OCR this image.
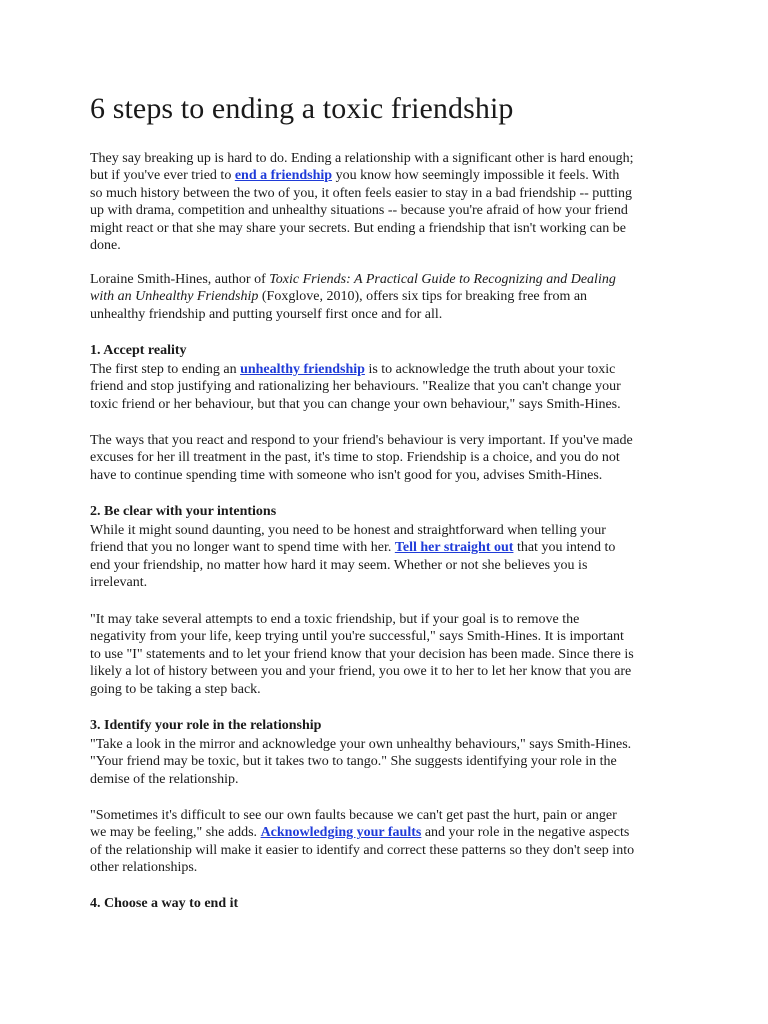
6 steps to ending a toxic friendship

They say breaking up is hard to do. Ending a relationship with a significant other is hard enough;
but if you've ever tried to end a friendship you know how seemingly impossible it feels. With
so much history between the two of you, it often feels easier to stay in a bad friendship -- putting
up with drama, competition and unhealthy situations -- because you're afraid of how your friend
might react or that she may share your secrets. But ending a friendship that isn't working can be
done.

Loraine Smith-Hines, author of Toxic Friends: A Practical Guide to Recognizing and Dealing
with an Unhealthy Friendship (Foxglove, 2010), offers six tips for breaking free from an
unhealthy friendship and putting yourself first once and for all.

1. Accept reality

The first step to ending an unhealthy friendship is to acknowledge the truth about your toxic
friend and stop justifying and rationalizing her behaviours. "Realize that you can't change your
toxic friend or her behaviour, but that you can change your own behaviour," says Smith-Hines.

The ways that you react and respond to your friend's behaviour is very important. If you've made
excuses for her ill treatment in the past, it's time to stop. Friendship is a choice, and you do not
have to continue spending time with someone who isn't good for you, advises Smith-Hines.

2. Be clear with your intentions

While it might sound daunting, you need to be honest and straightforward when telling your
friend that you no longer want to spend time with her. Tell her straight out that you intend to
end your friendship, no matter how hard it may seem. Whether or not she believes you is
irrelevant.

"It may take several attempts to end a toxic friendship, but if your goal is to remove the
negativity from your life, keep trying until you're successful," says Smith-Hines. It is important
to use "I" statements and to let your friend know that your decision has been made. Since there is
likely a lot of history between you and your friend, you owe it to her to let her know that you are
going to be taking a step back.

3. Identify your role in the relationship

"Take a look in the mirror and acknowledge your own unhealthy behaviours," says Smith-Hines.
"Your friend may be toxic, but it takes two to tango." She suggests identifying your role in the
demise of the relationship.

"Sometimes it's difficult to see our own faults because we can't get past the hurt, pain or anger
we may be feeling," she adds. Acknowledging your faults and your role in the negative aspects
of the relationship will make it easier to identify and correct these patterns so they don't seep into
other relationships.

4. Choose a way to end it
